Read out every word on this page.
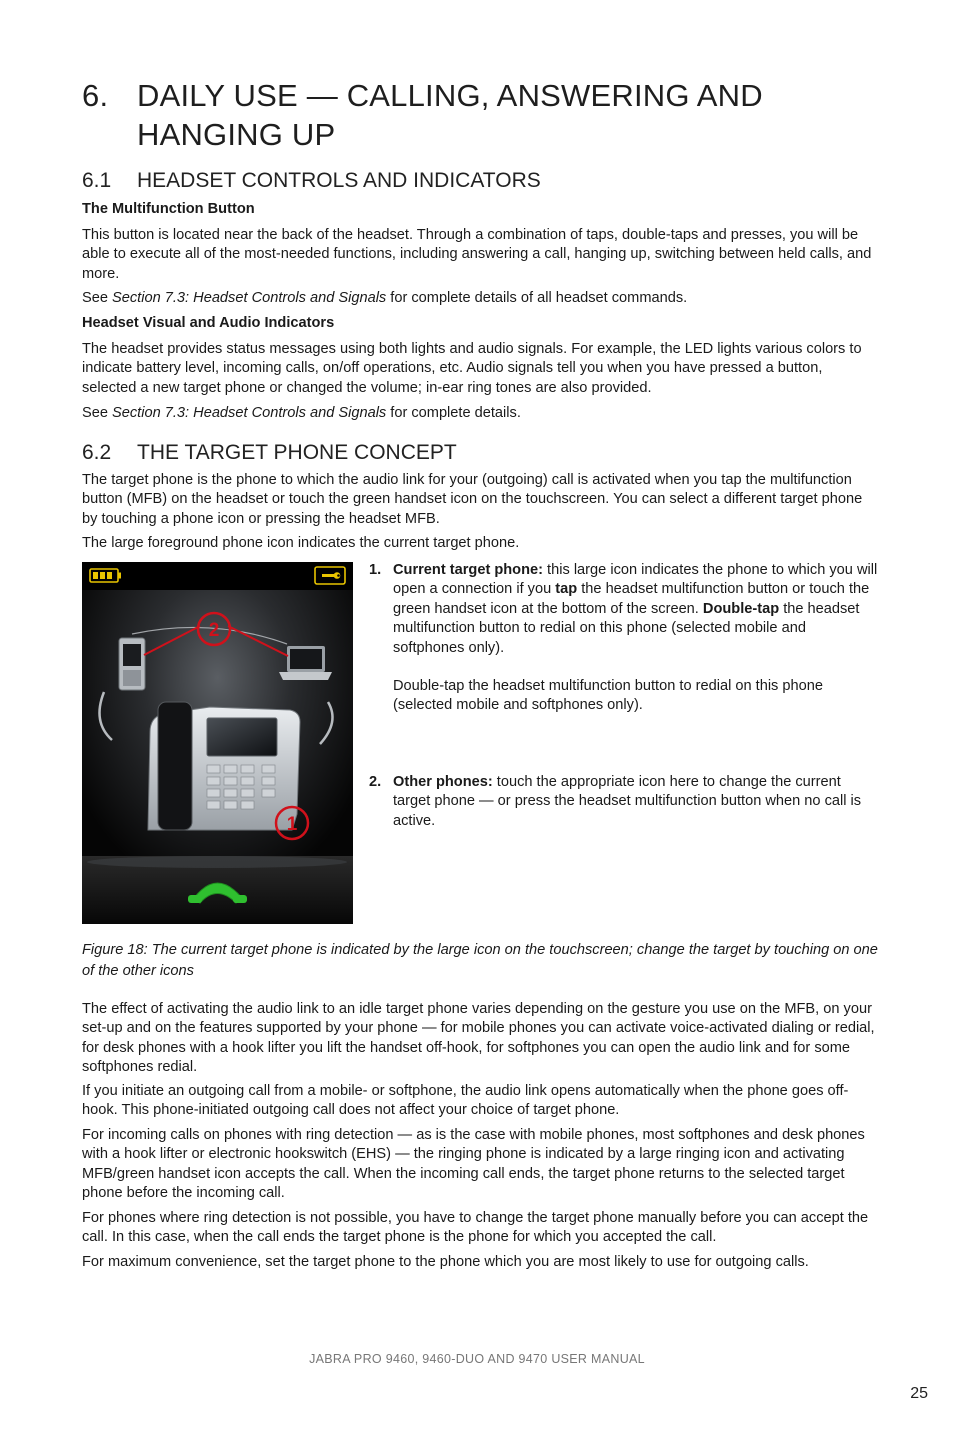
6. DAILY USE — CALLING, ANSWERING AND HANGING UP
6.1 HEADSET CONTROLS AND INDICATORS
The Multifunction Button

This button is located near the back of the headset. Through a combination of taps, double-taps and presses, you will be able to execute all of the most-needed functions, including answering a call, hanging up, switching between held calls, and more.

See Section 7.3: Headset Controls and Signals for complete details of all headset commands.

Headset Visual and Audio Indicators

The headset provides status messages using both lights and audio signals. For example, the LED lights various colors to indicate battery level, incoming calls, on/off operations, etc. Audio signals tell you when you have pressed a button, selected a new target phone or changed the volume; in-ear ring tones are also provided.

See Section 7.3: Headset Controls and Signals for complete details.

6.2 THE TARGET PHONE CONCEPT

The target phone is the phone to which the audio link for your (outgoing) call is activated when you tap the multifunction button (MFB) on the headset or touch the green handset icon on the touchscreen. You can select a different target phone by touching a phone icon or pressing the headset MFB.

The large foreground phone icon indicates the current target phone.

2
1
1. Current target phone: this large icon indicates the phone to which you will open a connection if you tap the headset multifunction button or touch the green handset icon at the bottom of the screen. Double-tap the headset multifunction button to redial on this phone (selected mobile and softphones only).
Double-tap the headset multifunction button to redial on this phone (selected mobile and softphones only).
2. Other phones: touch the appropriate icon here to change the current target phone — or press the headset multifunction button when no call is active.
Figure 18: The current target phone is indicated by the large icon on the touchscreen; change the target by touching on one of the other icons

The effect of activating the audio link to an idle target phone varies depending on the gesture you use on the MFB, on your set-up and on the features supported by your phone — for mobile phones you can activate voice-activated dialing or redial, for desk phones with a hook lifter you lift the handset off-hook, for softphones you can open the audio link and for some softphones redial.

If you initiate an outgoing call from a mobile- or softphone, the audio link opens automatically when the phone goes off-hook. This phone-initiated outgoing call does not affect your choice of target phone.

For incoming calls on phones with ring detection — as is the case with mobile phones, most softphones and desk phones with a hook lifter or electronic hookswitch (EHS) — the ringing phone is indicated by a large ringing icon and activating MFB/green handset icon accepts the call. When the incoming call ends, the target phone returns to the selected target phone before the incoming call.

For phones where ring detection is not possible, you have to change the target phone manually before you can accept the call. In this case, when the call ends the target phone is the phone for which you accepted the call.

For maximum convenience, set the target phone to the phone which you are most likely to use for outgoing calls.

JABRA PRO 9460, 9460-DUO AND 9470 USER MANUAL
25
